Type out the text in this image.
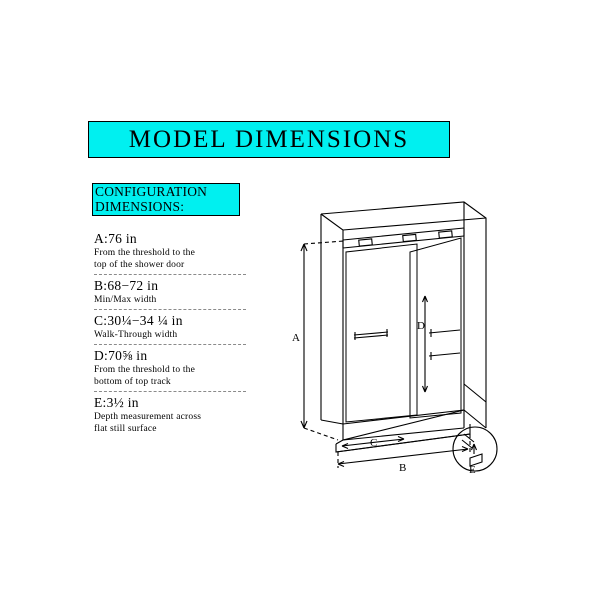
MODEL DIMENSIONS
CONFIGURATION
DIMENSIONS:
A:76 in
From the threshold to the
top of the shower door
B:68−72 in
Min/Max width
C:30¼−34 ¼ in
Walk-Through width
D:70⅝ in
From the threshold to the
bottom of top track
E:3½ in
Depth measurement across
flat still surface
A
B
C
D
E
